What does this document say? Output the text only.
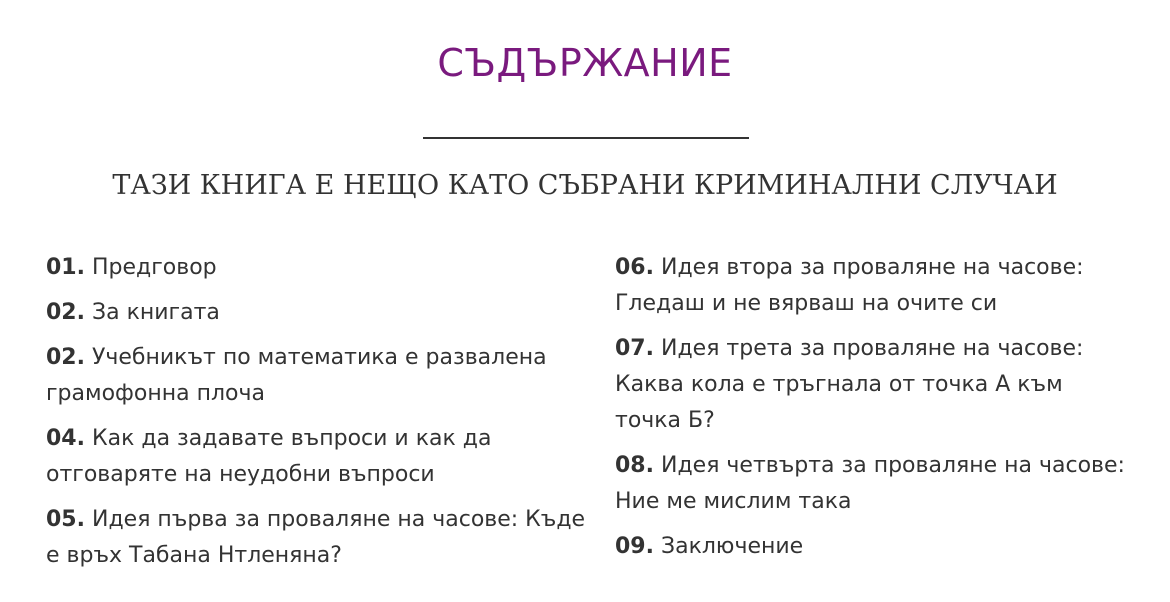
СЪДЪРЖАНИЕ
ТАЗИ КНИГА Е НЕЩО КАТО СЪБРАНИ КРИМИНАЛНИ СЛУЧАИ
01. Предговор
02. За книгата
02. Учебникът по математика е развалена грамофонна плоча
04. Как да задавате въпроси и как да отговаряте на неудобни въпроси
05. Идея първа за проваляне на часове: Къде е връх Табана Нтленяна?
06. Идея втора за проваляне на часове: Гледаш и не вярваш на очите си
07. Идея трета за проваляне на часове: Каква кола е тръгнала от точка А към точка Б?
08. Идея четвърта за проваляне на часове: Ние ме мислим така
09. Заключение
